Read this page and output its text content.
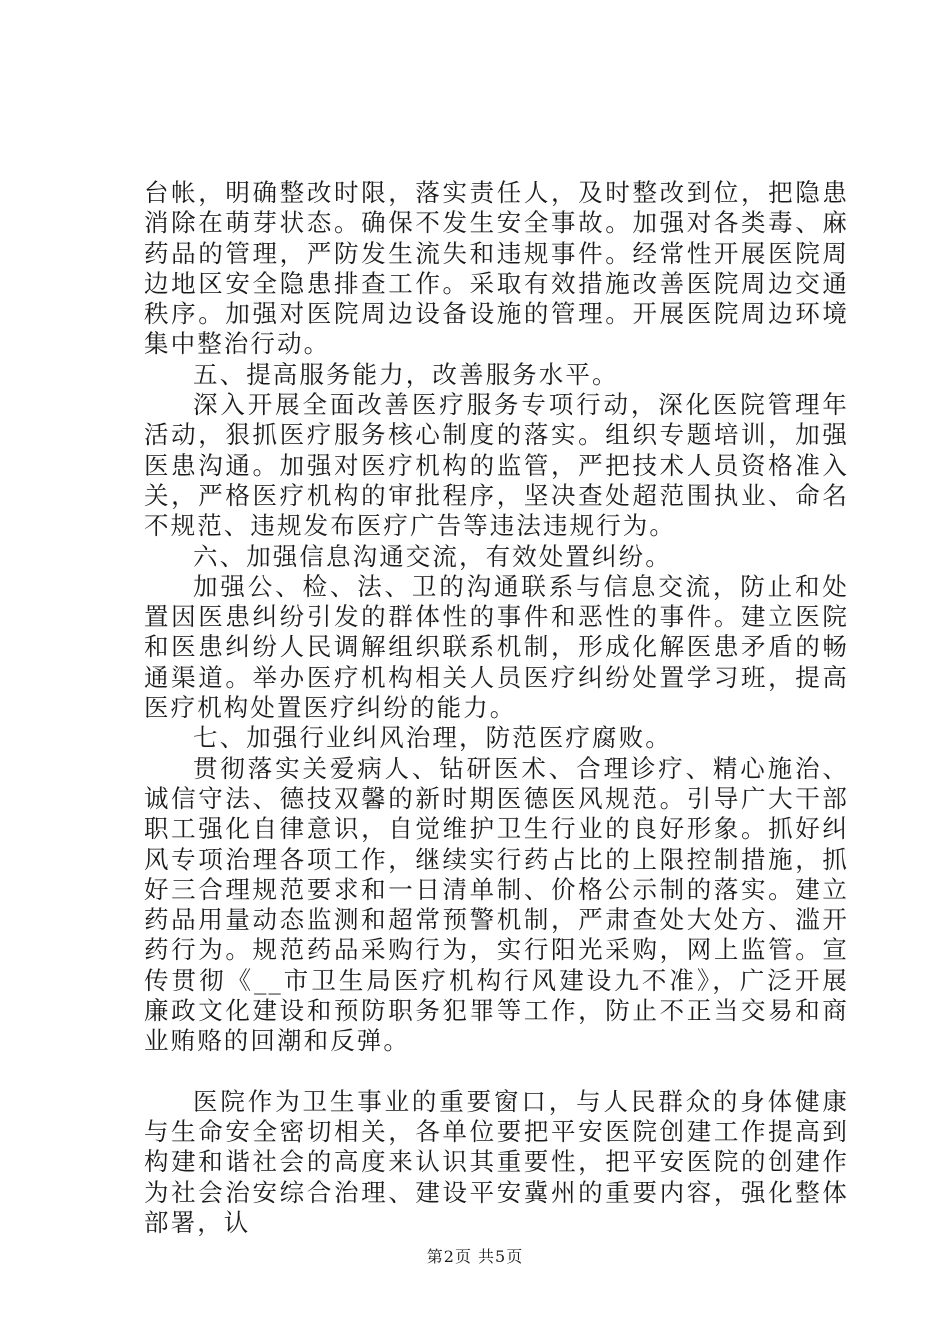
台帐，明确整改时限，落实责任人，及时整改到位，把隐患消除在萌芽状态。确保不发生安全事故。加强对各类毒、麻药品的管理，严防发生流失和违规事件。经常性开展医院周边地区安全隐患排查工作。采取有效措施改善医院周边交通秩序。加强对医院周边设备设施的管理。开展医院周边环境集中整治行动。

五、提高服务能力，改善服务水平。

深入开展全面改善医疗服务专项行动，深化医院管理年活动，狠抓医疗服务核心制度的落实。组织专题培训，加强医患沟通。加强对医疗机构的监管，严把技术人员资格准入关，严格医疗机构的审批程序，坚决查处超范围执业、命名不规范、违规发布医疗广告等违法违规行为。

六、加强信息沟通交流，有效处置纠纷。

加强公、检、法、卫的沟通联系与信息交流，防止和处置因医患纠纷引发的群体性的事件和恶性的事件。建立医院和医患纠纷人民调解组织联系机制，形成化解医患矛盾的畅通渠道。举办医疗机构相关人员医疗纠纷处置学习班，提高医疗机构处置医疗纠纷的能力。

七、加强行业纠风治理，防范医疗腐败。

贯彻落实关爱病人、钻研医术、合理诊疗、精心施治、诚信守法、德技双馨的新时期医德医风规范。引导广大干部职工强化自律意识，自觉维护卫生行业的良好形象。抓好纠风专项治理各项工作，继续实行药占比的上限控制措施，抓好三合理规范要求和一日清单制、价格公示制的落实。建立药品用量动态监测和超常预警机制，严肃查处大处方、滥开药行为。规范药品采购行为，实行阳光采购，网上监管。宣传贯彻《__市卫生局医疗机构行风建设九不准》，广泛开展廉政文化建设和预防职务犯罪等工作，防止不正当交易和商业贿赂的回潮和反弹。

医院作为卫生事业的重要窗口，与人民群众的身体健康与生命安全密切相关，各单位要把平安医院创建工作提高到构建和谐社会的高度来认识其重要性，把平安医院的创建作为社会治安综合治理、建设平安冀州的重要内容，强化整体部署，认

第2页 共5页
